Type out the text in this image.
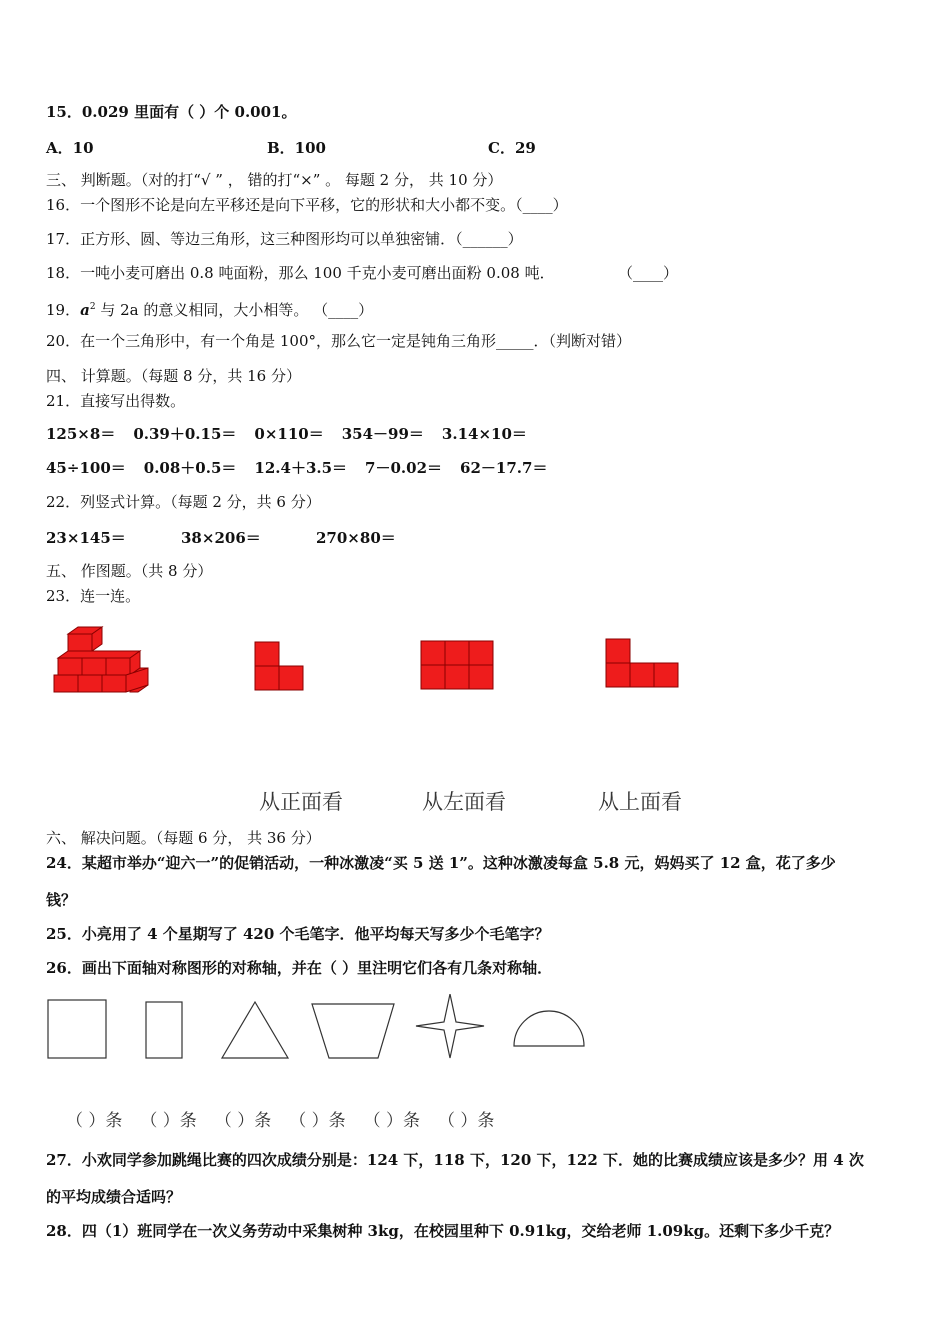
15．0.029 里面有（ ）个 0.001。
A．10	B．100	C．29
三、 判断题。（对的打“√ ” ， 错的打“×” 。 每题 2 分， 共 10 分）
16．一个图形不论是向左平移还是向下平移，它的形状和大小都不变。（____）
17．正方形、圆、等边三角形，这三种图形均可以单独密铺．（______）
18．一吨小麦可磨出 0.8 吨面粉，那么 100 千克小麦可磨出面粉 0.08 吨．	（____）
19．$a^2$ 与 2a 的意义相同，大小相等。 （____）
20．在一个三角形中，有一个角是 100°，那么它一定是钝角三角形_____．（判断对错）
四、 计算题。（每题 8 分，共 16 分）
21．直接写出得数。
125×8＝ 0.39＋0.15＝ 0×110＝ 354－99＝ 3.14×10＝
45÷100＝ 0.08＋0.5＝ 12.4＋3.5＝ 7－0.02＝ 62－17.7＝
22．列竖式计算。（每题 2 分，共 6 分）
23×145＝	38×206＝	270×80＝
五、 作图题。（共 8 分）
23．连一连。
从正面看	从左面看	从上面看
六、 解决问题。（每题 6 分， 共 36 分）
24．某超市举办“迎六一”的促销活动，一种冰激凌“买 5 送 1”。这种冰激凌每盒 5.8 元，妈妈买了 12 盒，花了多少
钱？
25．小亮用了 4 个星期写了 420 个毛笔字．他平均每天写多少个毛笔字？
26．画出下面轴对称图形的对称轴，并在（ ）里注明它们各有几条对称轴．
（ ）条 （ ）条 （ ）条 （ ）条 （ ）条 （ ）条
27．小欢同学参加跳绳比赛的四次成绩分别是：124 下，118 下，120 下，122 下．她的比赛成绩应该是多少？用 4 次
的平均成绩合适吗？
28．四（1）班同学在一次义务劳动中采集树种 3kg，在校园里种下 0.91kg，交给老师 1.09kg。还剩下多少千克？
